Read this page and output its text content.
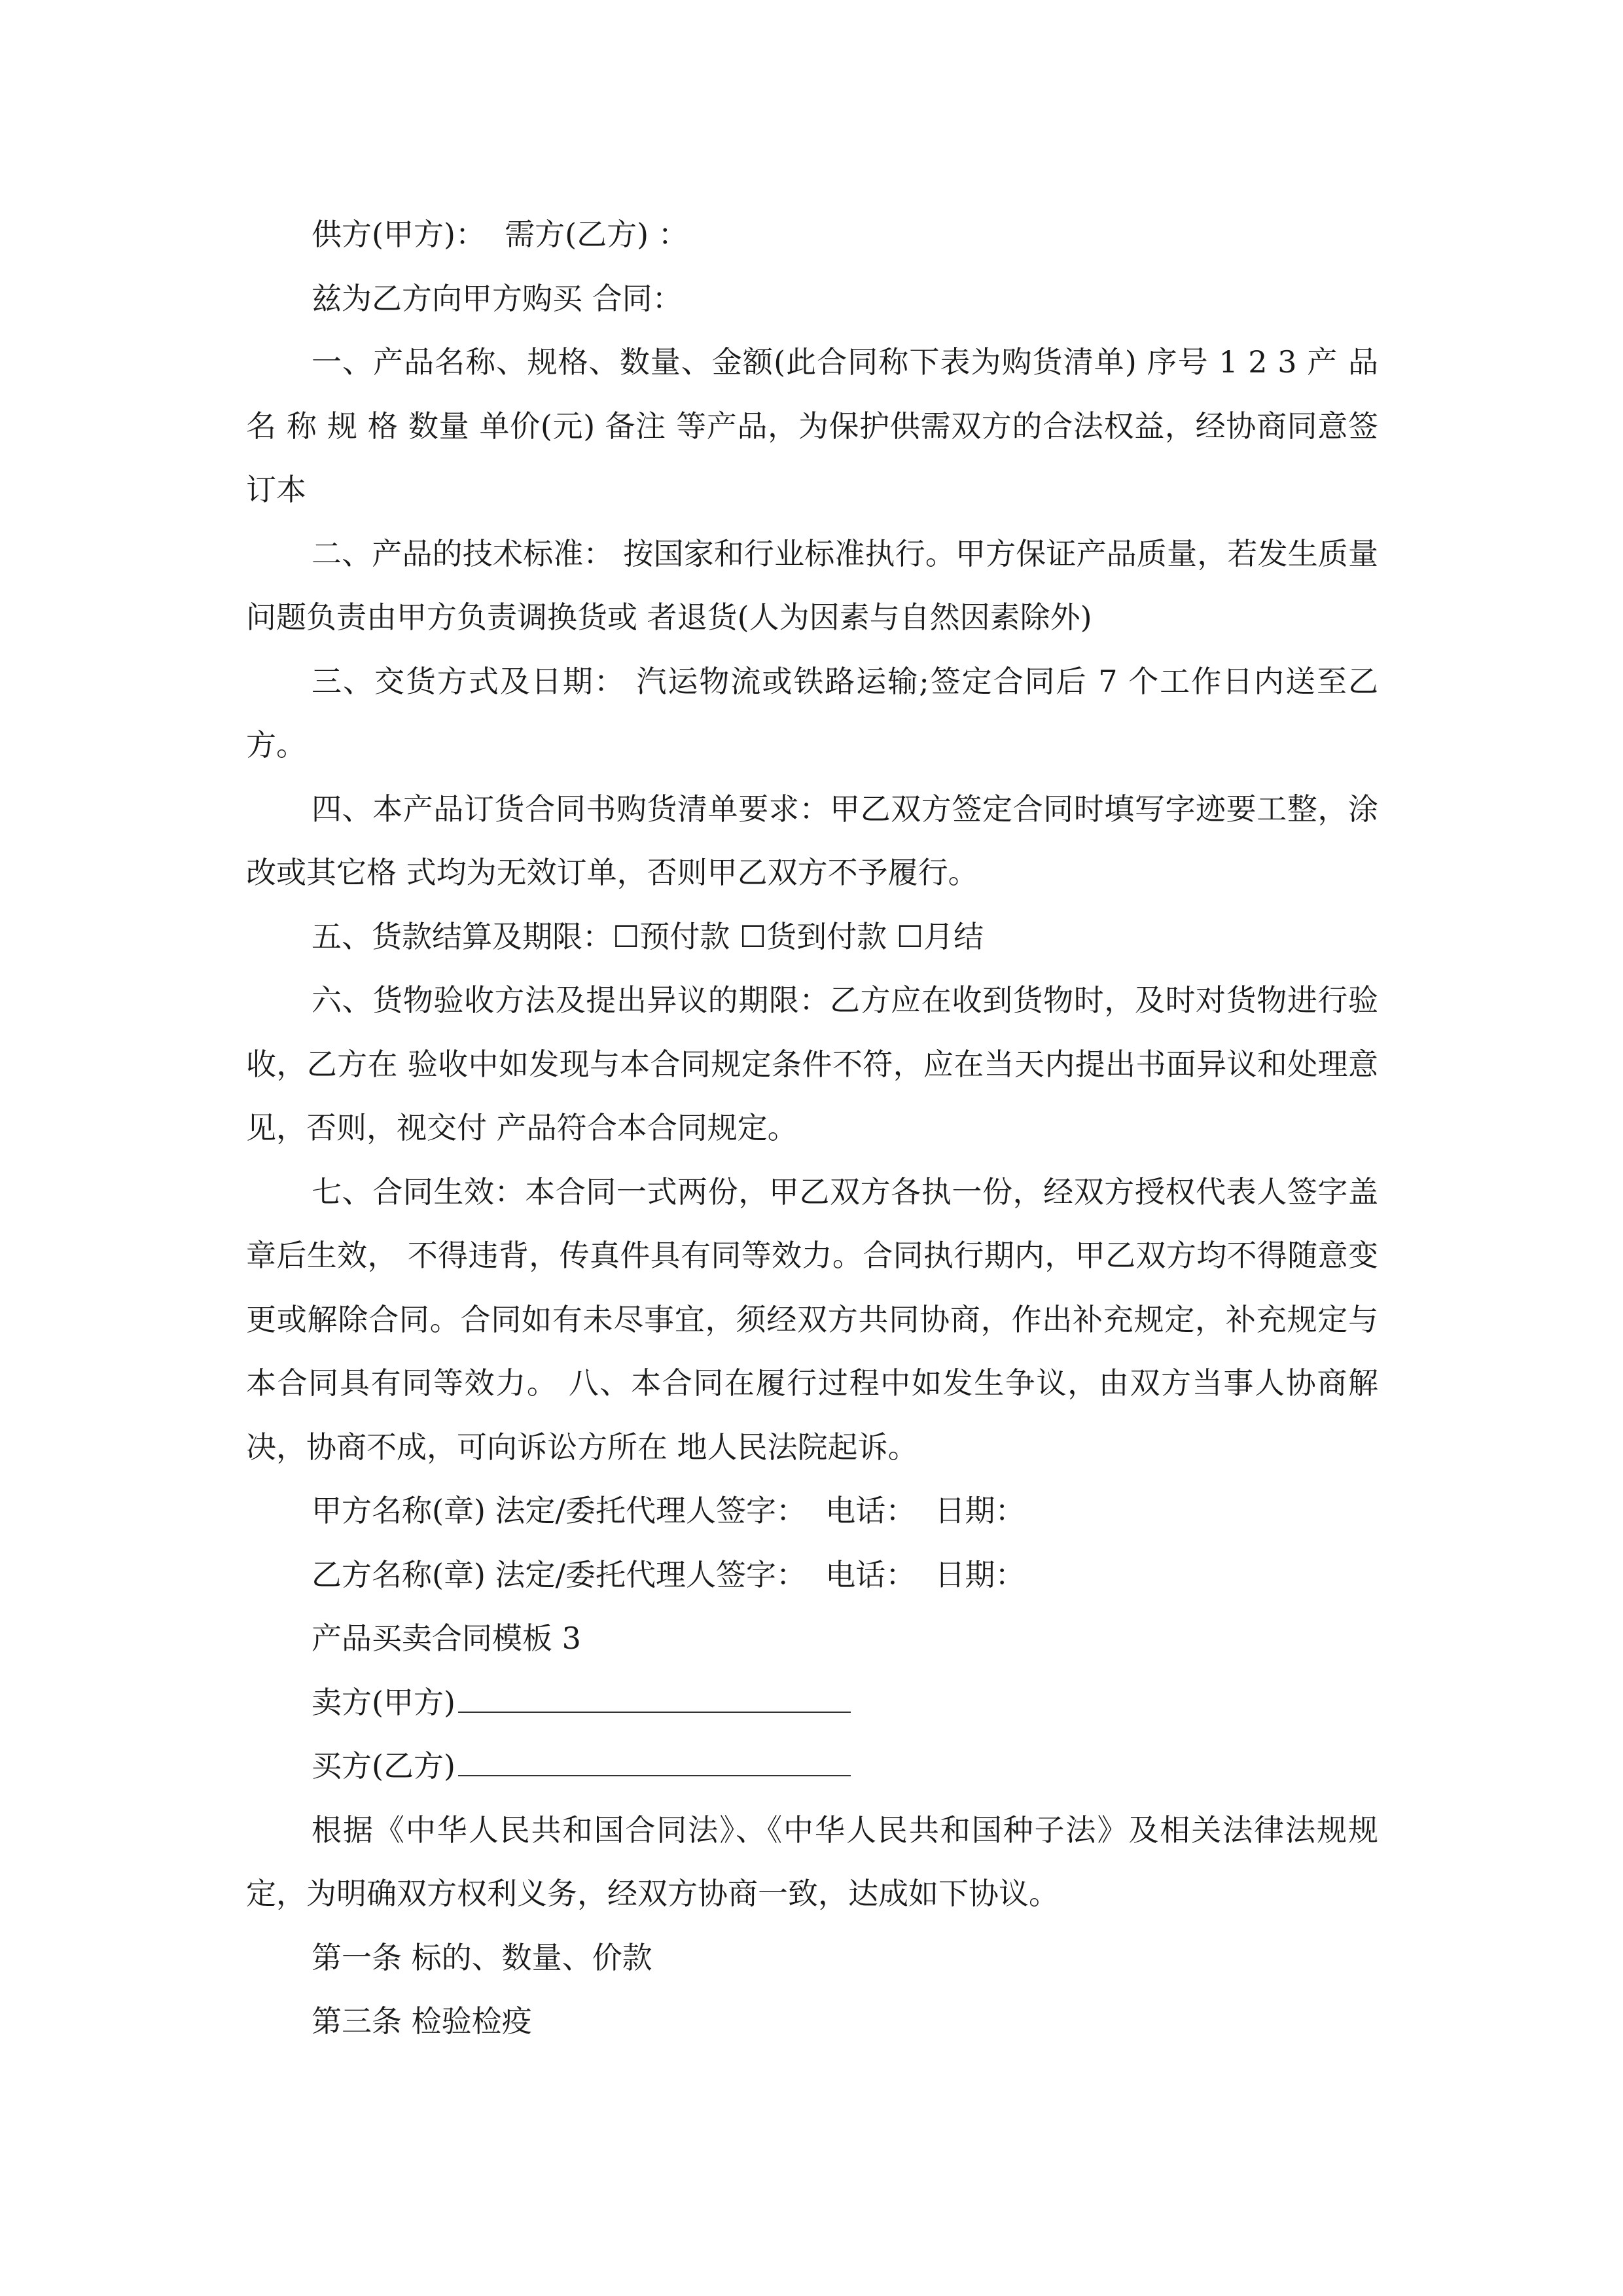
供方(甲方)：  需方(乙方) ：

兹为乙方向甲方购买 合同：

一、产品名称、规格、数量、金额(此合同称下表为购货清单) 序号 1 2 3 产 品 名 称 规 格 数量 单价(元) 备注 等产品，为保护供需双方的合法权益，经协商同意签订本

二、产品的技术标准： 按国家和行业标准执行。甲方保证产品质量，若发生质量问题负责由甲方负责调换货或 者退货(人为因素与自然因素除外)

三、交货方式及日期： 汽运物流或铁路运输;签定合同后 7 个工作日内送至乙方。

四、本产品订货合同书购货清单要求：甲乙双方签定合同时填写字迹要工整，涂改或其它格 式均为无效订单，否则甲乙双方不予履行。

五、货款结算及期限：☐预付款 ☐货到付款 ☐月结

六、货物验收方法及提出异议的期限：乙方应在收到货物时，及时对货物进行验收，乙方在 验收中如发现与本合同规定条件不符，应在当天内提出书面异议和处理意见，否则，视交付 产品符合本合同规定。

七、合同生效：本合同一式两份，甲乙双方各执一份，经双方授权代表人签字盖章后生效， 不得违背，传真件具有同等效力。合同执行期内，甲乙双方均不得随意变更或解除合同。合同如有未尽事宜，须经双方共同协商，作出补充规定，补充规定与本合同具有同等效力。 八、本合同在履行过程中如发生争议，由双方当事人协商解决，协商不成，可向诉讼方所在 地人民法院起诉。

甲方名称(章) 法定/委托代理人签字：  电话：  日期：

乙方名称(章) 法定/委托代理人签字：  电话：  日期：

产品买卖合同模板 3

卖方(甲方)

买方(乙方)

根据《中华人民共和国合同法》、《中华人民共和国种子法》及相关法律法规规定，为明确双方权利义务，经双方协商一致，达成如下协议。

第一条 标的、数量、价款

第三条 检验检疫
